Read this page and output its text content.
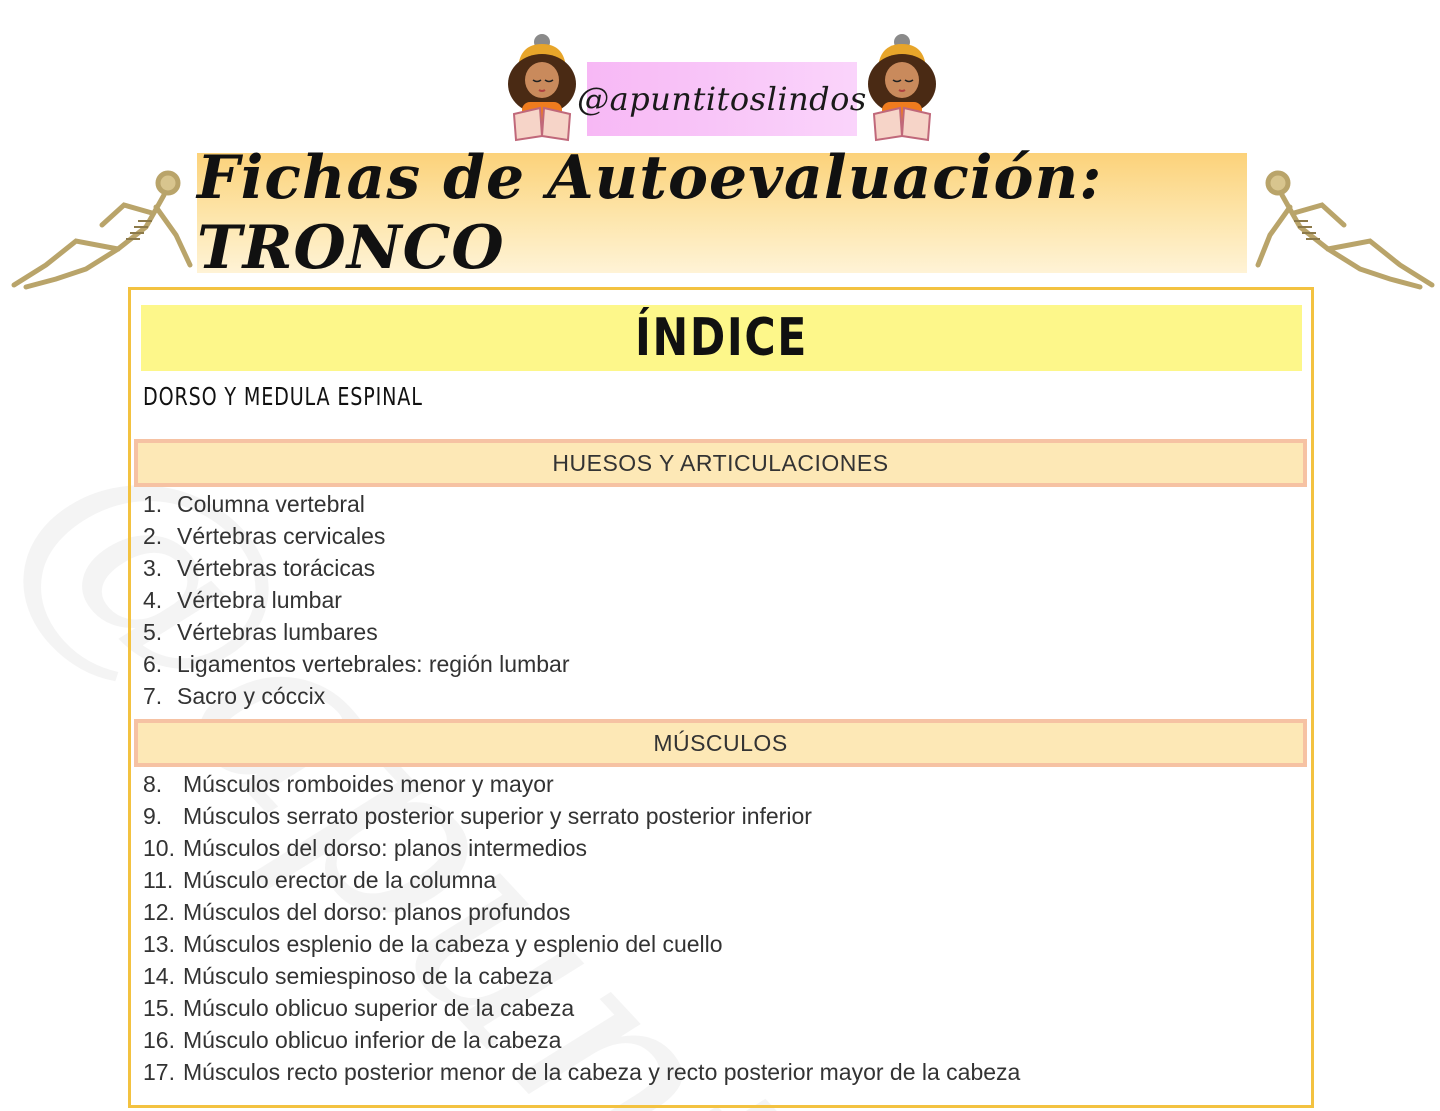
@apuntitoslindos
Fichas de Autoevaluación: TRONCO
ÍNDICE
DORSO Y MEDULA ESPINAL
HUESOS Y ARTICULACIONES
1. Columna vertebral
2. Vértebras cervicales
3. Vértebras torácicas
4. Vértebra lumbar
5. Vértebras lumbares
6. Ligamentos vertebrales: región lumbar
7. Sacro y cóccix
MÚSCULOS
8. Músculos romboides menor y mayor
9. Músculos serrato posterior superior y serrato posterior inferior
10. Músculos del dorso: planos intermedios
11. Músculo erector de la columna
12. Músculos del dorso: planos profundos
13. Músculos esplenio de la cabeza y esplenio del cuello
14. Músculo semiespinoso de la cabeza
15. Músculo oblicuo superior de la cabeza
16. Músculo oblicuo inferior de la cabeza
17. Músculos recto posterior menor de la cabeza y recto posterior mayor de la cabeza
